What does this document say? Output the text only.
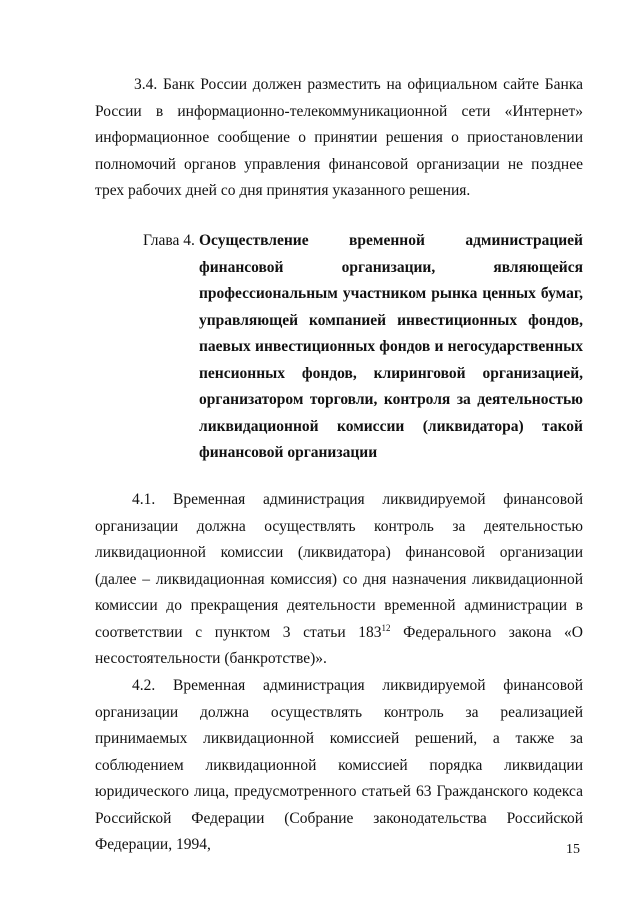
3.4. Банк России должен разместить на официальном сайте Банка России в информационно-телекоммуникационной сети «Интернет» информационное сообщение о принятии решения о приостановлении полномочий органов управления финансовой организации не позднее трех рабочих дней со дня принятия указанного решения.

Глава 4. Осуществление временной администрацией финансовой организации, являющейся профессиональным участником рынка ценных бумаг, управляющей компанией инвестиционных фондов, паевых инвестиционных фондов и негосударственных пенсионных фондов, клиринговой организацией, организатором торговли, контроля за деятельностью ликвидационной комиссии (ликвидатора) такой финансовой организации

4.1. Временная администрация ликвидируемой финансовой организации должна осуществлять контроль за деятельностью ликвидационной комиссии (ликвидатора) финансовой организации (далее – ликвидационная комиссия) со дня назначения ликвидационной комиссии до прекращения деятельности временной администрации в соответствии с пунктом 3 статьи $183^{12}$ Федерального закона «О несостоятельности (банкротстве)».

4.2. Временная администрация ликвидируемой финансовой организации должна осуществлять контроль за реализацией принимаемых ликвидационной комиссией решений, а также за соблюдением ликвидационной комиссией порядка ликвидации юридического лица, предусмотренного статьей 63 Гражданского кодекса Российской Федерации (Собрание законодательства Российской Федерации, 1994,	15
